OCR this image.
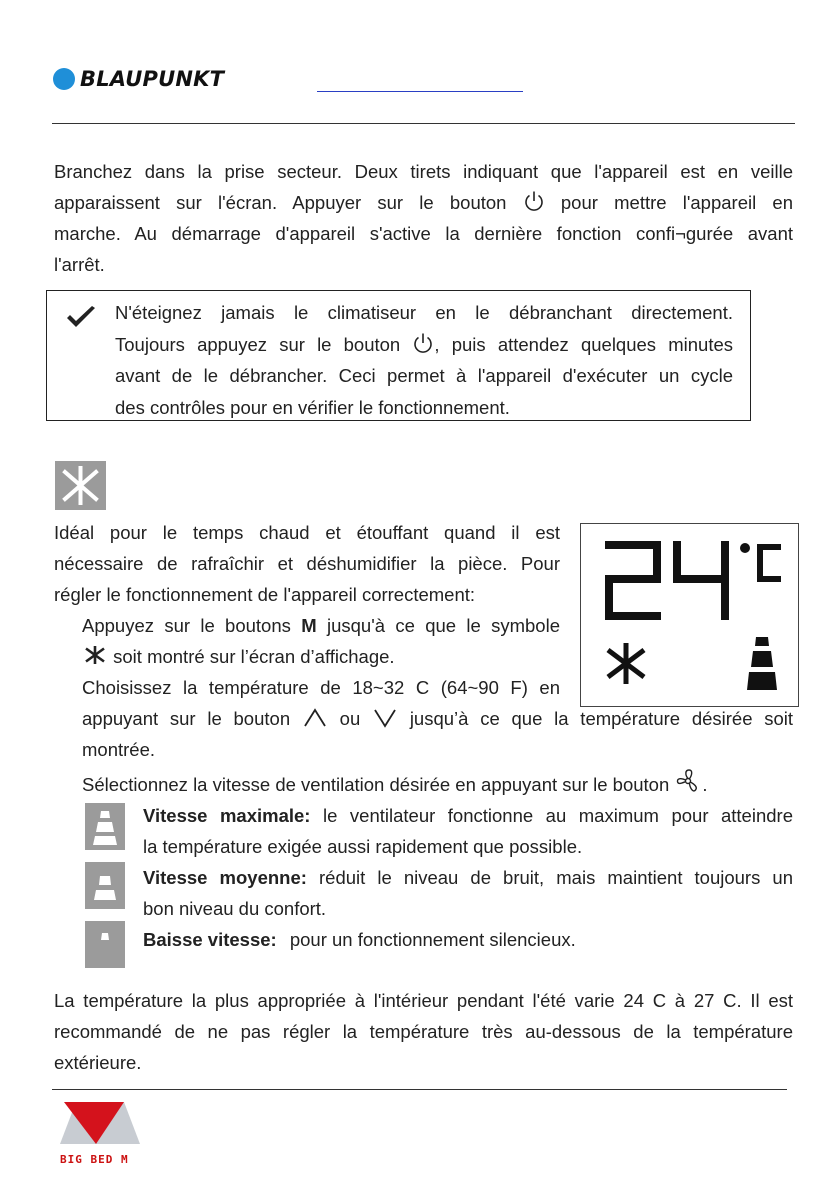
BLAUPUNKT

Branchez dans la prise secteur. Deux tirets indiquant que l'appareil est en veille

apparaissent sur l'écran. Appuyer sur le bouton	pour mettre l'appareil en

marche. Au démarrage d'appareil s'active la dernière fonction confi¬gurée avant

l'arrêt.

N'éteignez jamais le climatiseur en le débranchant directement.
Toujours appuyez sur le bouton , puis attendez quelques minutes
avant de le débrancher. Ceci permet à l'appareil d'exécuter un cycle
des contrôles pour en vérifier le fonctionnement.

Idéal pour le temps chaud et étouffant quand il est

nécessaire de rafraîchir et déshumidifier la pièce. Pour

régler le fonctionnement de l'appareil correctement:

Appuyez sur le boutons M jusqu'à ce que le symbole

soit montré sur l’écran d’affichage.

Choisissez la température de 18~32 C (64~90 F) en

appuyant sur le bouton	ou	jusqu’à ce que la température désirée soit

montrée.

Sélectionnez la vitesse de ventilation désirée en appuyant sur le bouton .

Vitesse maximale: le ventilateur fonctionne au maximum pour atteindre

la température exigée aussi rapidement que possible.

Vitesse moyenne: réduit le niveau de bruit, mais maintient toujours un

bon niveau du confort.

Baisse vitesse: pour un fonctionnement silencieux.

La température la plus appropriée à l'intérieur pendant l'été varie 24 C à 27 C. Il est

recommandé de ne pas régler la température très au-dessous de la température

extérieure.

BIG BED M
